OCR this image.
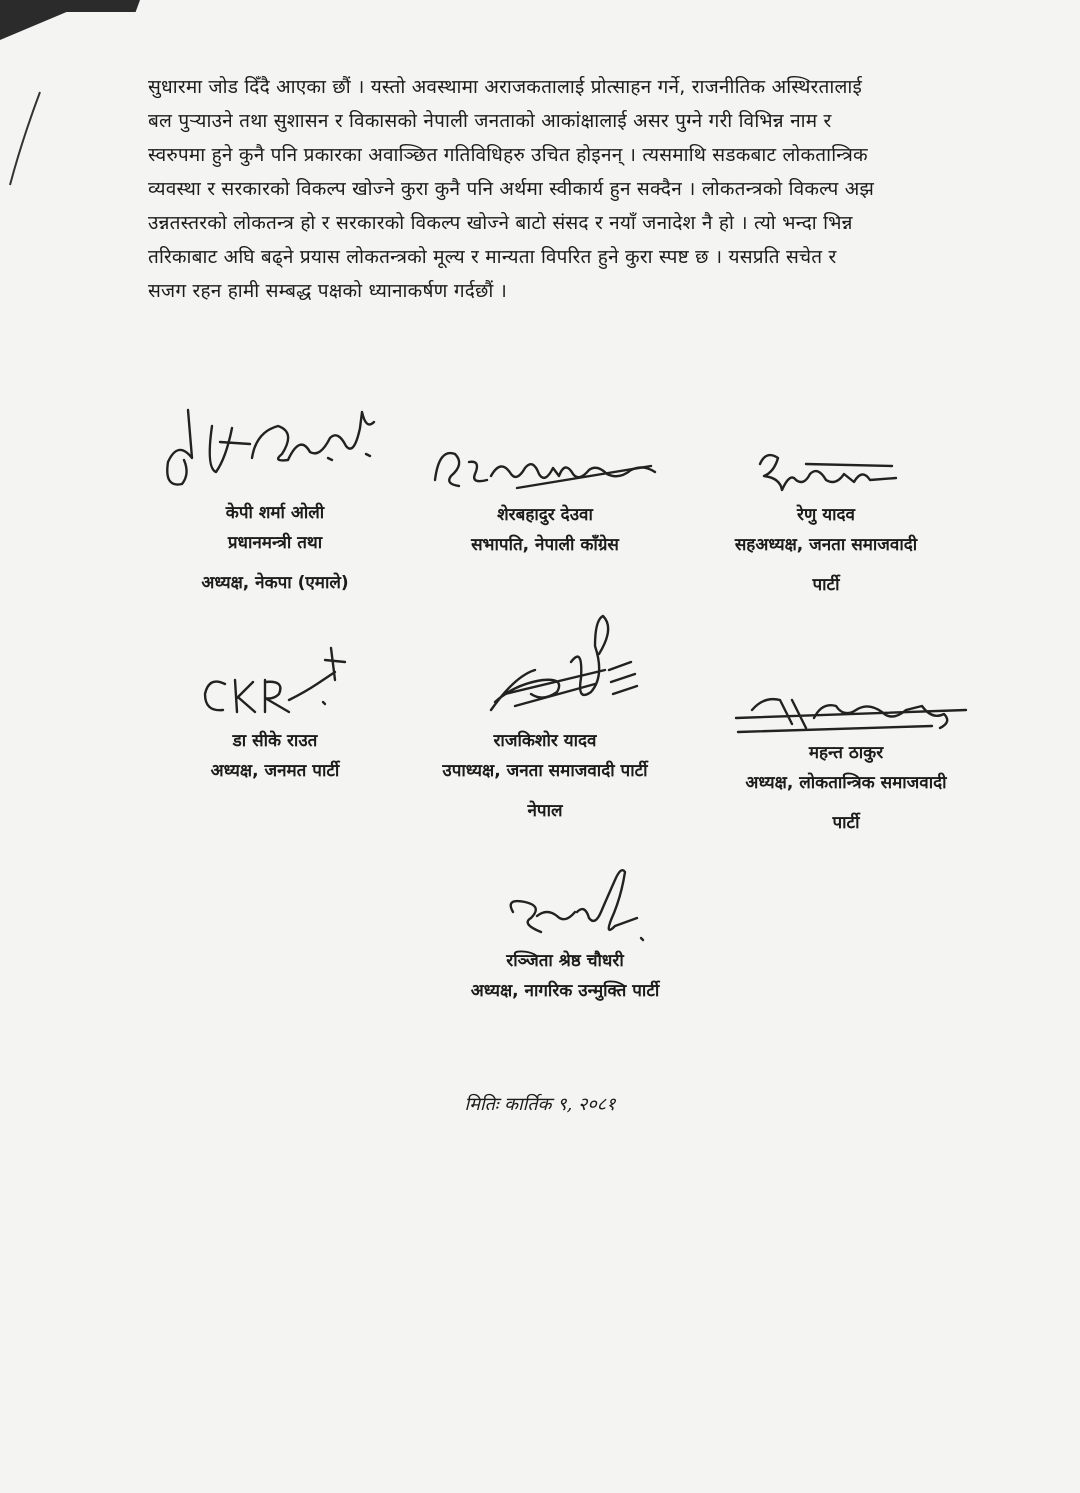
सुधारमा जोड दिँदै आएका छौं । यस्तो अवस्थामा अराजकतालाई प्रोत्साहन गर्ने, राजनीतिक अस्थिरतालाई
बल पुर्‍याउने तथा सुशासन र विकासको नेपाली जनताको आकांक्षालाई असर पुग्ने गरी विभिन्न नाम र
स्वरुपमा हुने कुनै पनि प्रकारका अवाञ्छित गतिविधिहरु उचित होइनन् । त्यसमाथि सडकबाट लोकतान्त्रिक
व्यवस्था र सरकारको विकल्प खोज्ने कुरा कुनै पनि अर्थमा स्वीकार्य हुन सक्दैन । लोकतन्त्रको विकल्प अझ
उन्नतस्तरको लोकतन्त्र हो र सरकारको विकल्प खोज्ने बाटो संसद र नयाँ जनादेश नै हो । त्यो भन्दा भिन्न
तरिकाबाट अघि बढ्ने प्रयास लोकतन्त्रको मूल्य र मान्यता विपरित हुने कुरा स्पष्ट छ । यसप्रति सचेत र
सजग रहन हामी सम्बद्ध पक्षको ध्यानाकर्षण गर्दछौं ।
केपी शर्मा ओली
प्रधानमन्त्री तथा
अध्यक्ष, नेकपा (एमाले)
शेरबहादुर देउवा
सभापति, नेपाली काँग्रेस
रेणु यादव
सहअध्यक्ष, जनता समाजवादी
पार्टी
डा सीके राउत
अध्यक्ष, जनमत पार्टी
राजकिशोर यादव
उपाध्यक्ष, जनता समाजवादी पार्टी
नेपाल
महन्त ठाकुर
अध्यक्ष, लोकतान्त्रिक समाजवादी
पार्टी
रञ्जिता श्रेष्ठ चौधरी
अध्यक्ष, नागरिक उन्मुक्ति पार्टी
मितिः कार्तिक ९, २०८१
